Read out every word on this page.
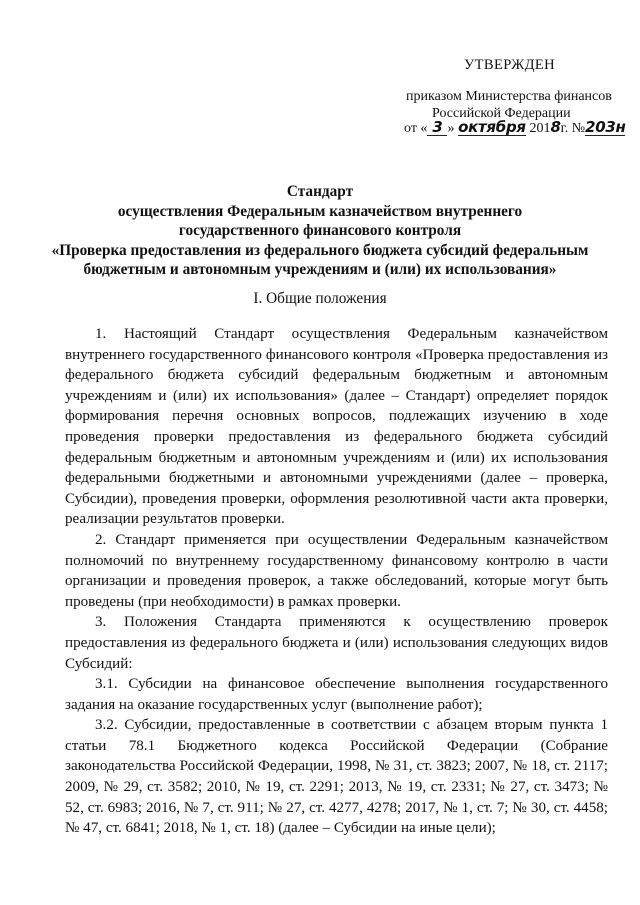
УТВЕРЖДЕН
приказом Министерства финансов
Российской Федерации
от « 3 » октября 2018г. №203н
Стандарт
осуществления Федеральным казначейством внутреннего
государственного финансового контроля
«Проверка предоставления из федерального бюджета субсидий федеральным
бюджетным и автономным учреждениям и (или) их использования»
I. Общие положения

1. Настоящий Стандарт осуществления Федеральным казначейством внутреннего государственного финансового контроля «Проверка предоставления из федерального бюджета субсидий федеральным бюджетным и автономным учреждениям и (или) их использования» (далее – Стандарт) определяет порядок формирования перечня основных вопросов, подлежащих изучению в ходе проведения проверки предоставления из федерального бюджета субсидий федеральным бюджетным и автономным учреждениям и (или) их использования федеральными бюджетными и автономными учреждениями (далее – проверка, Субсидии), проведения проверки, оформления резолютивной части акта проверки, реализации результатов проверки.

2. Стандарт применяется при осуществлении Федеральным казначейством полномочий по внутреннему государственному финансовому контролю в части организации и проведения проверок, а также обследований, которые могут быть проведены (при необходимости) в рамках проверки.

3. Положения Стандарта применяются к осуществлению проверок предоставления из федерального бюджета и (или) использования следующих видов Субсидий:

3.1. Субсидии на финансовое обеспечение выполнения государственного задания на оказание государственных услуг (выполнение работ);

3.2. Субсидии, предоставленные в соответствии с абзацем вторым пункта 1 статьи 78.1 Бюджетного кодекса Российской Федерации (Собрание законодательства Российской Федерации, 1998, № 31, ст. 3823; 2007, № 18, ст. 2117; 2009, № 29, ст. 3582; 2010, № 19, ст. 2291; 2013, № 19, ст. 2331; № 27, ст. 3473; № 52, ст. 6983; 2016, № 7, ст. 911; № 27, ст. 4277, 4278; 2017, № 1, ст. 7; № 30, ст. 4458; № 47, ст. 6841; 2018, № 1, ст. 18) (далее – Субсидии на иные цели);
